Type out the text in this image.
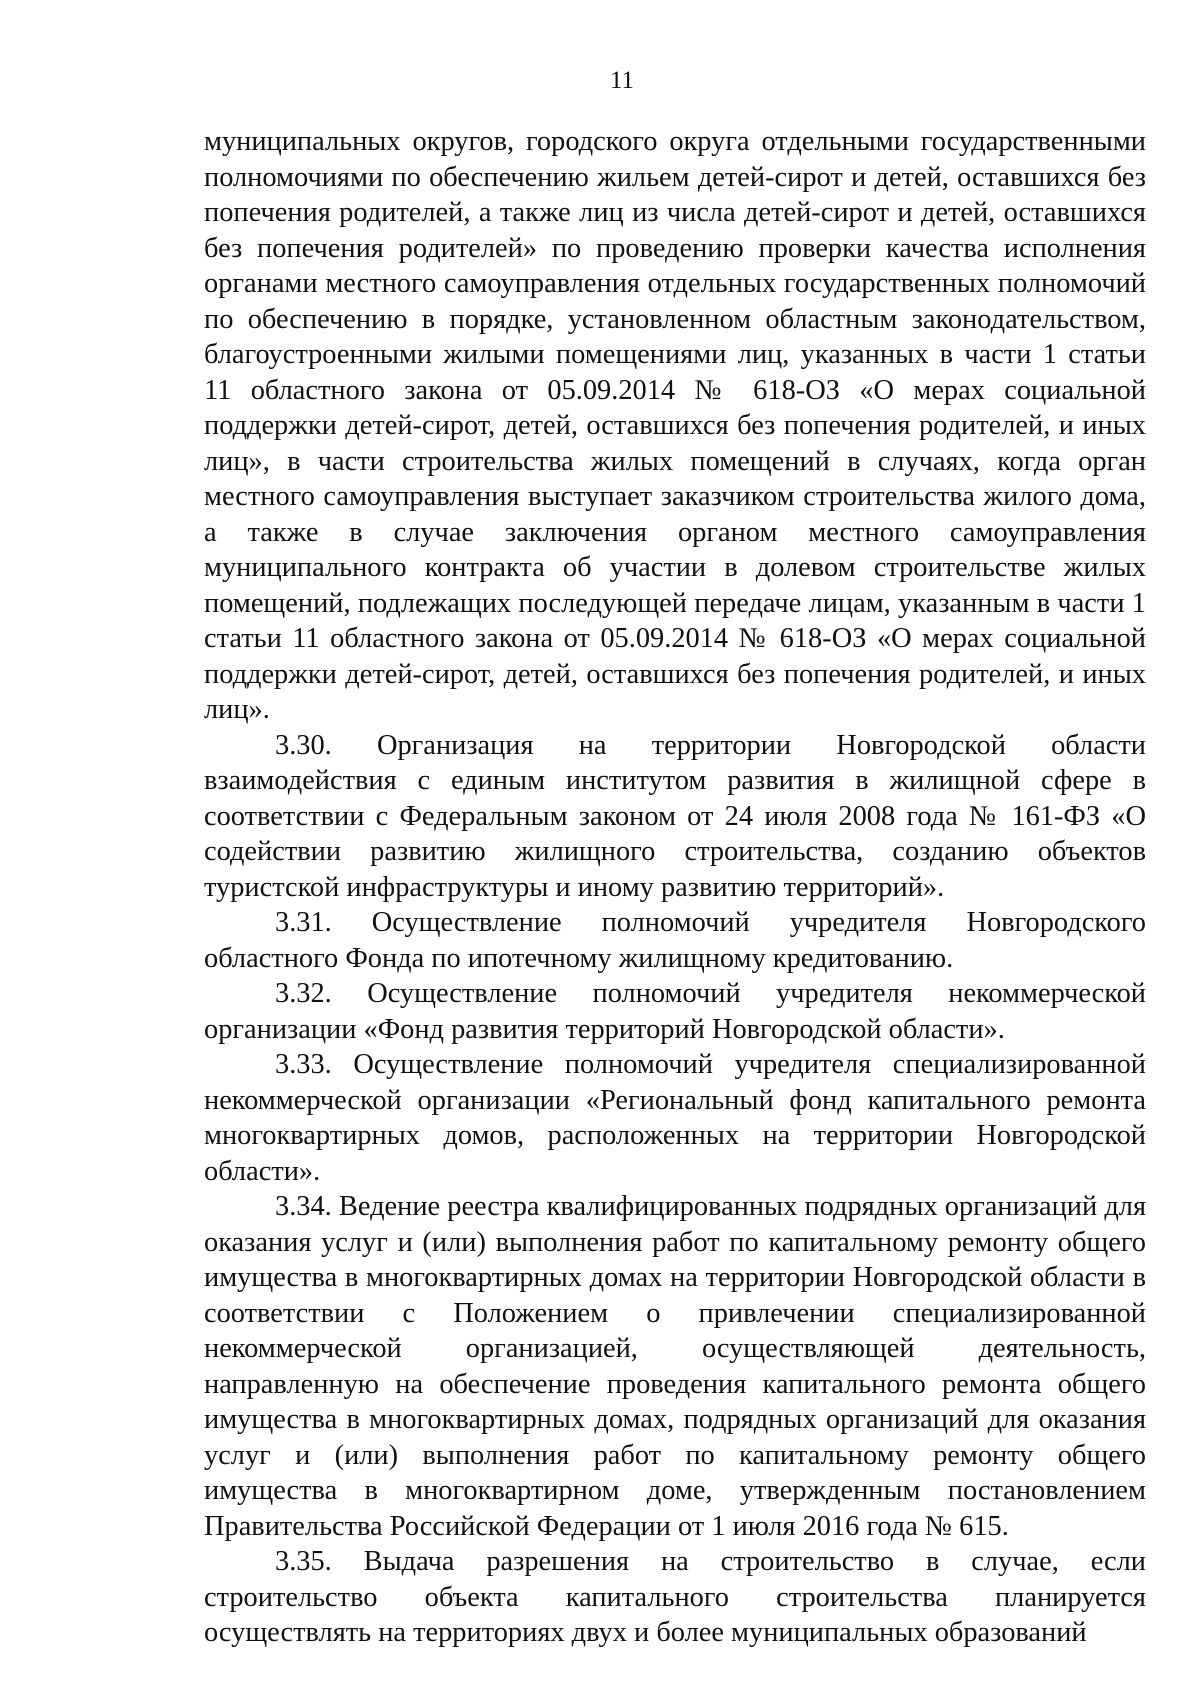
11

муниципальных округов, городского округа отдельными государственными полномочиями по обеспечению жильем детей-сирот и детей, оставшихся без попечения родителей, а также лиц из числа детей-сирот и детей, оставшихся без попечения родителей» по проведению проверки качества исполнения органами местного самоуправления отдельных государственных полномочий по обеспечению в порядке, установленном областным законодательством, благоустроенными жилыми помещениями лиц, указанных в части 1 статьи 11 областного закона от 05.09.2014 № 618-ОЗ «О мерах социальной поддержки детей-сирот, детей, оставшихся без попечения родителей, и иных лиц», в части строительства жилых помещений в случаях, когда орган местного самоуправления выступает заказчиком строительства жилого дома, а также в случае заключения органом местного самоуправления муниципального контракта об участии в долевом строительстве жилых помещений, подлежащих последующей передаче лицам, указанным в части 1 статьи 11 областного закона от 05.09.2014 № 618-ОЗ «О мерах социальной поддержки детей-сирот, детей, оставшихся без попечения родителей, и иных лиц».

3.30. Организация на территории Новгородской области взаимодействия с единым институтом развития в жилищной сфере в соответствии с Федеральным законом от 24 июля 2008 года № 161-ФЗ «О содействии развитию жилищного строительства, созданию объектов туристской инфраструктуры и иному развитию территорий».

3.31. Осуществление полномочий учредителя Новгородского областного Фонда по ипотечному жилищному кредитованию.

3.32. Осуществление полномочий учредителя некоммерческой организации «Фонд развития территорий Новгородской области».

3.33. Осуществление полномочий учредителя специализированной некоммерческой организации «Региональный фонд капитального ремонта многоквартирных домов, расположенных на территории Новгородской области».

3.34. Ведение реестра квалифицированных подрядных организаций для оказания услуг и (или) выполнения работ по капитальному ремонту общего имущества в многоквартирных домах на территории Новгородской области в соответствии с Положением о привлечении специализированной некоммерческой организацией, осуществляющей деятельность, направленную на обеспечение проведения капитального ремонта общего имущества в многоквартирных домах, подрядных организаций для оказания услуг и (или) выполнения работ по капитальному ремонту общего имущества в многоквартирном доме, утвержденным постановлением Правительства Российской Федерации от 1 июля 2016 года № 615.

3.35. Выдача разрешения на строительство в случае, если строительство объекта капитального строительства планируется осуществлять на территориях двух и более муниципальных образований
